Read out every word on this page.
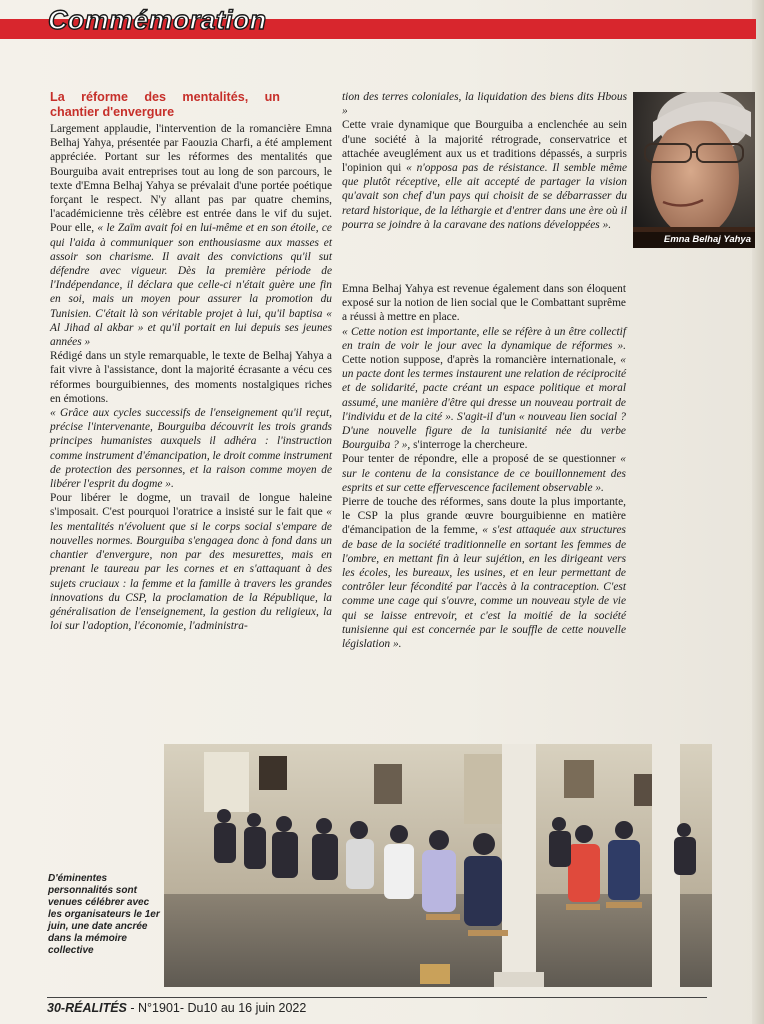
Commémoration
La réforme des mentalités, un chantier d'envergure

Largement applaudie, l'intervention de la romancière Emna Belhaj Yahya, présentée par Faouzia Charfi, a été amplement appréciée. Portant sur les réformes des mentalités que Bourguiba avait entreprises tout au long de son parcours, le texte d'Emna Belhaj Yahya se prévalait d'une portée poétique forçant le respect. N'y allant pas par quatre chemins, l'académicienne très célèbre est entrée dans le vif du sujet. Pour elle, « le Zaïm avait foi en lui-même et en son étoile, ce qui l'aida à communiquer son enthousiasme aux masses et assoir son charisme. Il avait des convictions qu'il sut défendre avec vigueur. Dès la première période de l'Indépendance, il déclara que celle-ci n'était guère une fin en soi, mais un moyen pour assurer la promotion du Tunisien. C'était là son véritable projet à lui, qu'il baptisa « Al Jihad al akbar » et qu'il portait en lui depuis ses jeunes années »

Rédigé dans un style remarquable, le texte de Belhaj Yahya a fait vivre à l'assistance, dont la majorité écrasante a vécu ces réformes bourguibiennes, des moments nostalgiques riches en émotions.

« Grâce aux cycles successifs de l'enseignement qu'il reçut, précise l'intervenante, Bourguiba découvrit les trois grands principes humanistes auxquels il adhéra : l'instruction comme instrument d'émancipation, le droit comme instrument de protection des personnes, et la raison comme moyen de libérer l'esprit du dogme ».

Pour libérer le dogme, un travail de longue haleine s'imposait. C'est pourquoi l'oratrice a insisté sur le fait que « les mentalités n'évoluent que si le corps social s'empare de nouvelles normes. Bourguiba s'engagea donc à fond dans un chantier d'envergure, non par des mesurettes, mais en prenant le taureau par les cornes et en s'attaquant à des sujets cruciaux : la femme et la famille à travers les grandes innovations du CSP, la proclamation de la République, la généralisation de l'enseignement, la gestion du religieux, la loi sur l'adoption, l'économie, l'administra-

tion des terres coloniales, la liquidation des biens dits Hbous »

Cette vraie dynamique que Bourguiba a enclenchée au sein d'une société à la majorité rétrograde, conservatrice et attachée aveuglément aux us et traditions dépassés, a surpris l'opinion qui « n'opposa pas de résistance. Il semble même que plutôt réceptive, elle ait accepté de partager la vision qu'avait son chef d'un pays qui choisit de se débarrasser du retard historique, de la léthargie et d'entrer dans une ère où il pourra se joindre à la caravane des nations développées ».

Emna Belhaj Yahya

Emna Belhaj Yahya est revenue également dans son éloquent exposé sur la notion de lien social que le Combattant suprême a réussi à mettre en place.

« Cette notion est importante, elle se réfère à un être collectif en train de voir le jour avec la dynamique de réformes ». Cette notion suppose, d'après la romancière internationale, « un pacte dont les termes instaurent une relation de réciprocité et de solidarité, pacte créant un espace politique et moral assumé, une manière d'être qui dresse un nouveau portrait de l'individu et de la cité ». S'agit-il d'un « nouveau lien social ? D'une nouvelle figure de la tunisianité née du verbe Bourguiba ? », s'interroge la chercheure.

Pour tenter de répondre, elle a proposé de se questionner « sur le contenu de la consistance de ce bouillonnement des esprits et sur cette effervescence facilement observable ».

Pierre de touche des réformes, sans doute la plus importante, le CSP la plus grande œuvre bourguibienne en matière d'émancipation de la femme, « s'est attaquée aux structures de base de la société traditionnelle en sortant les femmes de l'ombre, en mettant fin à leur sujétion, en les dirigeant vers les écoles, les bureaux, les usines, et en leur permettant de contrôler leur fécondité par l'accès à la contraception. C'est comme une cage qui s'ouvre, comme un nouveau style de vie qui se laisse entrevoir, et c'est la moitié de la société tunisienne qui est concernée par le souffle de cette nouvelle législation ».

D'éminentes personnalités sont venues célébrer avec les organisateurs le 1er juin, une date ancrée dans la mémoire collective
30-RÉALITÉS - N°1901- Du10 au 16 juin 2022
